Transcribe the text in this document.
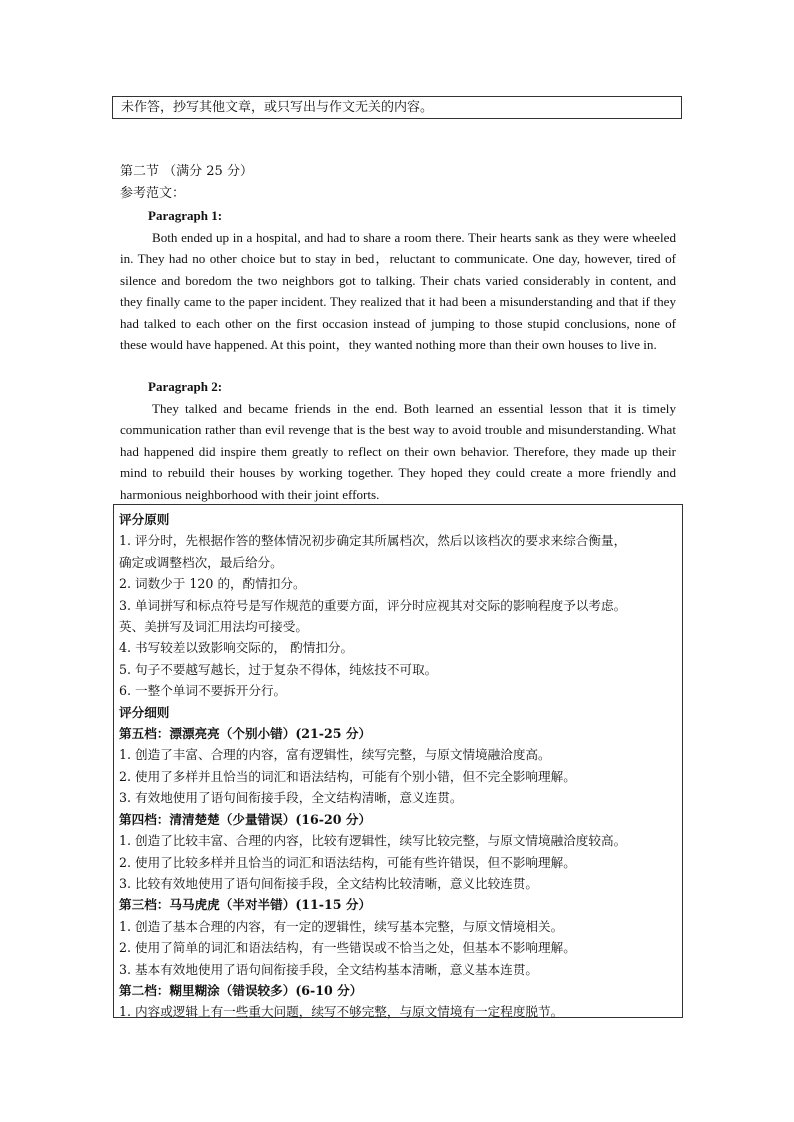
未作答，抄写其他文章，或只写出与作文无关的内容。
第二节 （满分 25 分）
参考范文：
Paragraph 1:

Both ended up in a hospital, and had to share a room there. Their hearts sank as they were wheeled in. They had no other choice but to stay in bed，reluctant to communicate. One day, however, tired of silence and boredom the two neighbors got to talking. Their chats varied considerably in content, and they finally came to the paper incident. They realized that it had been a misunderstanding and that if they had talked to each other on the first occasion instead of jumping to those stupid conclusions, none of these would have happened. At this point，they wanted nothing more than their own houses to live in.

Paragraph 2:

They talked and became friends in the end. Both learned an essential lesson that it is timely communication rather than evil revenge that is the best way to avoid trouble and misunderstanding. What had happened did inspire them greatly to reflect on their own behavior. Therefore, they made up their mind to rebuild their houses by working together. They hoped they could create a more friendly and harmonious neighborhood with their joint efforts.

评分原则
1. 评分时，先根据作答的整体情况初步确定其所属档次，然后以该档次的要求来综合衡量，
确定或调整档次，最后给分。
2. 词数少于 120 的，酌情扣分。
3. 单词拼写和标点符号是写作规范的重要方面，评分时应视其对交际的影响程度予以考虑。
英、美拼写及词汇用法均可接受。
4. 书写较差以致影响交际的， 酌情扣分。
5. 句子不要越写越长，过于复杂不得体，纯炫技不可取。
6. 一整个单词不要拆开分行。
评分细则
第五档：漂漂亮亮（个别小错）(21-25 分）
1. 创造了丰富、合理的内容，富有逻辑性，续写完整，与原文情境融洽度高。
2. 使用了多样并且恰当的词汇和语法结构，可能有个别小错，但不完全影响理解。
3. 有效地使用了语句间衔接手段，全文结构清晰，意义连贯。
第四档：清清楚楚（少量错误）(16-20 分）
1. 创造了比较丰富、合理的内容，比较有逻辑性，续写比较完整，与原文情境融洽度较高。
2. 使用了比较多样并且恰当的词汇和语法结构，可能有些许错误，但不影响理解。
3. 比较有效地使用了语句间衔接手段，全文结构比较清晰，意义比较连贯。
第三档：马马虎虎（半对半错）(11-15 分）
1. 创造了基本合理的内容，有一定的逻辑性，续写基本完整，与原文情境相关。
2. 使用了简单的词汇和语法结构，有一些错误或不恰当之处，但基本不影响理解。
3. 基本有效地使用了语句间衔接手段，全文结构基本清晰，意义基本连贯。
第二档：糊里糊涂（错误较多）(6-10 分）
1. 内容或逻辑上有一些重大问题，续写不够完整，与原文情境有一定程度脱节。
